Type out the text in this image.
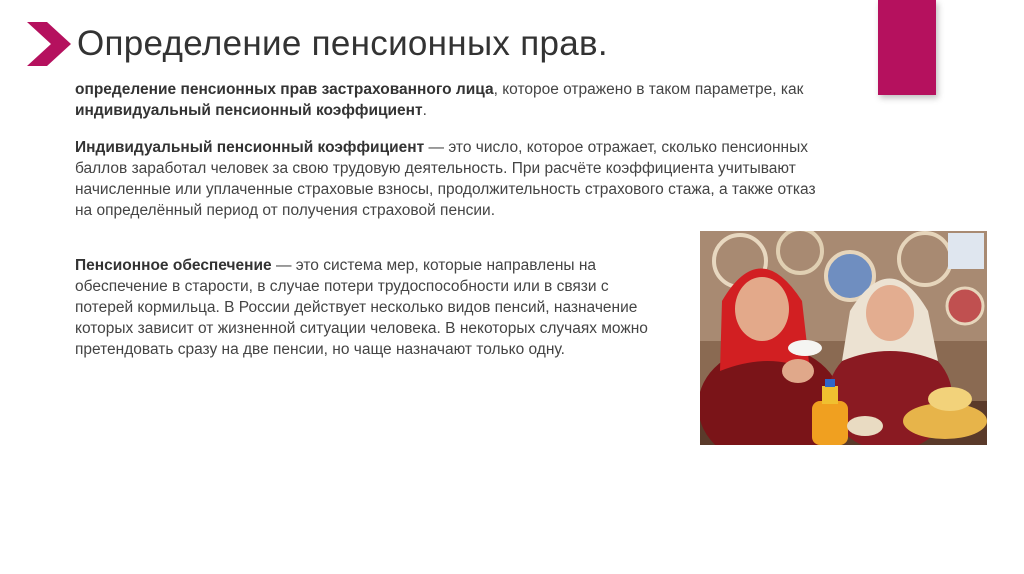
Определение пенсионных прав.
определение пенсионных прав застрахованного лица, которое отражено в таком параметре, как индивидуальный пенсионный коэффициент.
Индивидуальный пенсионный коэффициент — это число, которое отражает, сколько пенсионных баллов заработал человек за свою трудовую деятельность. При расчёте коэффициента учитывают начисленные или уплаченные страховые взносы, продолжительность страхового стажа, а также отказ на определённый период от получения страховой пенсии.
Пенсионное обеспечение — это система мер, которые направлены на обеспечение в старости, в случае потери трудоспособности или в связи с потерей кормильца. В России действует несколько видов пенсий, назначение которых зависит от жизненной ситуации человека. В некоторых случаях можно претендовать сразу на две пенсии, но чаще назначают только одну.
